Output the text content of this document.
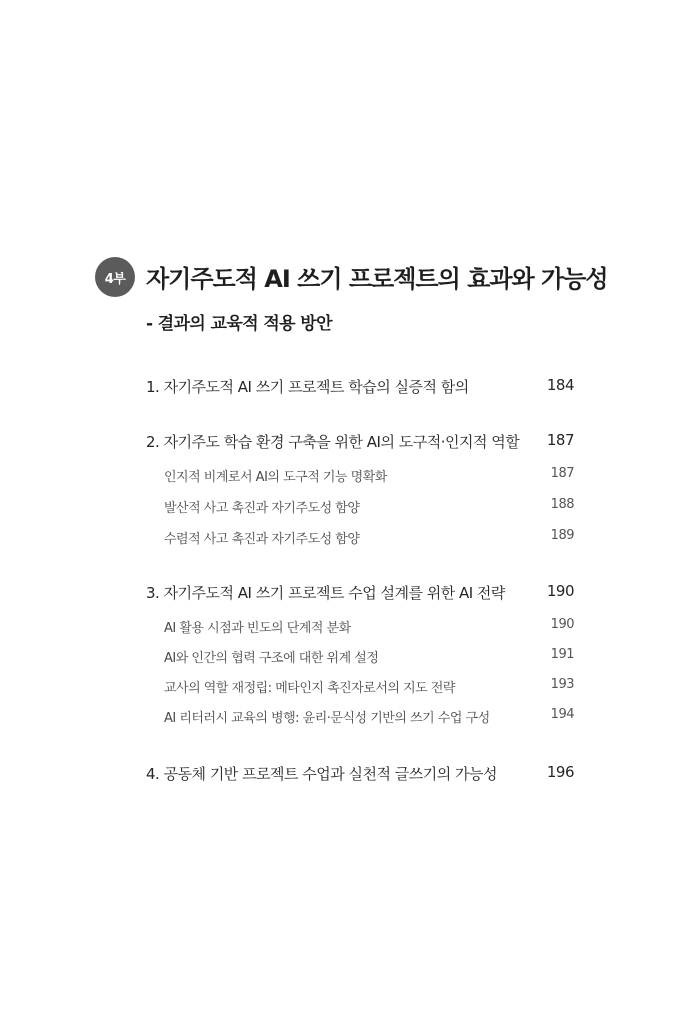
4부 자기주도적 AI 쓰기 프로젝트의 효과와 가능성
- 결과의 교육적 적용 방안
1. 자기주도적 AI 쓰기 프로젝트 학습의 실증적 함의	184
2. 자기주도 학습 환경 구축을 위한 AI의 도구적·인지적 역할 187
인지적 비계로서 AI의 도구적 기능 명확화	187
발산적 사고 촉진과 자기주도성 함양	188
수렴적 사고 촉진과 자기주도성 함양	189
3. 자기주도적 AI 쓰기 프로젝트 수업 설계를 위한 AI 전략	190
AI 활용 시점과 빈도의 단계적 분화	190
AI와 인간의 협력 구조에 대한 위계 설정	191
교사의 역할 재정립: 메타인지 촉진자로서의 지도 전략	193
AI 리터러시 교육의 병행: 윤리·문식성 기반의 쓰기 수업 구성	194
4. 공동체 기반 프로젝트 수업과 실천적 글쓰기의 가능성	196
